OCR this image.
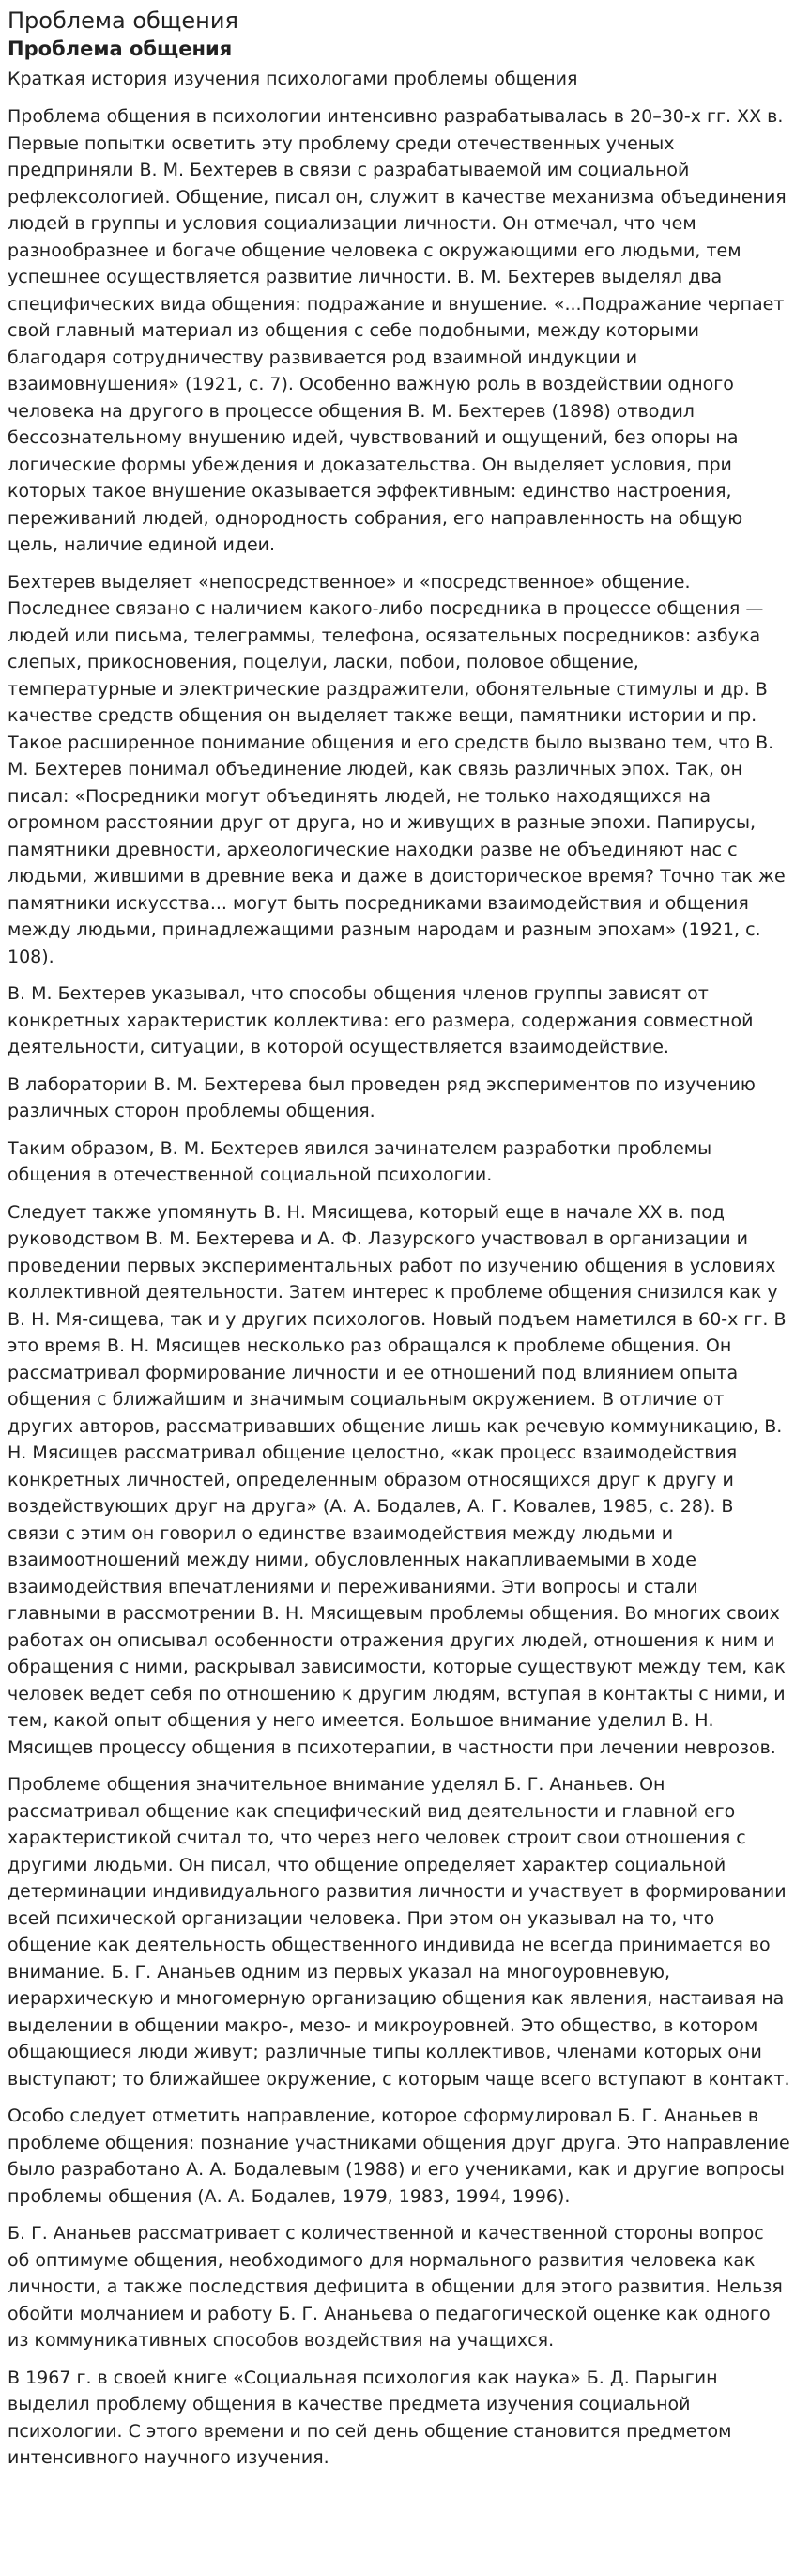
Проблема общения
Проблема общения

Краткая история изучения психологами проблемы общения

Проблема общения в психологии интенсивно разрабатывалась в 20–30-х гг. XX в. Первые попытки осветить эту проблему среди отечественных ученых предприняли В. М. Бехтерев в связи с разрабатываемой им социальной рефлексологией. Общение, писал он, служит в качестве механизма объединения людей в группы и условия социализации личности. Он отмечал, что чем разнообразнее и богаче общение человека с окружающими его людьми, тем успешнее осуществляется развитие личности. В. М. Бехтерев выделял два специфических вида общения: подражание и внушение. «...Подражание черпает свой главный материал из общения с себе подобными, между которыми благодаря сотрудничеству развивается род взаимной индукции и взаимовнушения» (1921, с. 7). Особенно важную роль в воздействии одного человека на другого в процессе общения В. М. Бехтерев (1898) отводил бессознательному внушению идей, чувствований и ощущений, без опоры на логические формы убеждения и доказательства. Он выделяет условия, при которых такое внушение оказывается эффективным: единство настроения, переживаний людей, однородность собрания, его направленность на общую цель, наличие единой идеи.

Бехтерев выделяет «непосредственное» и «посредственное» общение. Последнее связано с наличием какого-либо посредника в процессе общения — людей или письма, телеграммы, телефона, осязательных посредников: азбука слепых, прикосновения, поцелуи, ласки, побои, половое общение, температурные и электрические раздражители, обонятельные стимулы и др. В качестве средств общения он выделяет также вещи, памятники истории и пр. Такое расширенное понимание общения и его средств было вызвано тем, что В. М. Бехтерев понимал объединение людей, как связь различных эпох. Так, он писал: «Посредники могут объединять людей, не только находящихся на огромном расстоянии друг от друга, но и живущих в разные эпохи. Папирусы, памятники древности, археологические находки разве не объединяют нас с людьми, жившими в древние века и даже в доисторическое время? Точно так же памятники искусства... могут быть посредниками взаимодействия и общения между людьми, принадлежащими разным народам и разным эпохам» (1921, с. 108).

В. М. Бехтерев указывал, что способы общения членов группы зависят от конкретных характеристик коллектива: его размера, содержания совместной деятельности, ситуации, в которой осуществляется взаимодействие.

В лаборатории В. М. Бехтерева был проведен ряд экспериментов по изучению различных сторон проблемы общения.

Таким образом, В. М. Бехтерев явился зачинателем разработки проблемы общения в отечественной социальной психологии.

Следует также упомянуть В. Н. Мясищева, который еще в начале XX в. под руководством В. М. Бехтерева и А. Ф. Лазурского участвовал в организации и проведении первых экспериментальных работ по изучению общения в условиях коллективной деятельности. Затем интерес к проблеме общения снизился как у В. Н. Мя-сищева, так и у других психологов. Новый подъем наметился в 60-х гг. В это время В. Н. Мясищев несколько раз обращался к проблеме общения. Он рассматривал формирование личности и ее отношений под влиянием опыта общения с ближайшим и значимым социальным окружением. В отличие от других авторов, рассматривавших общение лишь как речевую коммуникацию, В. Н. Мясищев рассматривал общение целостно, «как процесс взаимодействия конкретных личностей, определенным образом относящихся друг к другу и воздействующих друг на друга» (А. А. Бодалев, А. Г. Ковалев, 1985, с. 28). В связи с этим он говорил о единстве взаимодействия между людьми и взаимоотношений между ними, обусловленных накапливаемыми в ходе взаимодействия впечатлениями и переживаниями. Эти вопросы и стали главными в рассмотрении В. Н. Мясищевым проблемы общения. Во многих своих работах он описывал особенности отражения других людей, отношения к ним и обращения с ними, раскрывал зависимости, которые существуют между тем, как человек ведет себя по отношению к другим людям, вступая в контакты с ними, и тем, какой опыт общения у него имеется. Большое внимание уделил В. Н. Мясищев процессу общения в психотерапии, в частности при лечении неврозов.

Проблеме общения значительное внимание уделял Б. Г. Ананьев. Он рассматривал общение как специфический вид деятельности и главной его характеристикой считал то, что через него человек строит свои отношения с другими людьми. Он писал, что общение определяет характер социальной детерминации индивидуального развития личности и участвует в формировании всей психической организации человека. При этом он указывал на то, что общение как деятельность общественного индивида не всегда принимается во внимание. Б. Г. Ананьев одним из первых указал на многоуровневую, иерархическую и многомерную организацию общения как явления, настаивая на выделении в общении макро-, мезо- и микроуровней. Это общество, в котором общающиеся люди живут; различные типы коллективов, членами которых они выступают; то ближайшее окружение, с которым чаще всего вступают в контакт.

Особо следует отметить направление, которое сформулировал Б. Г. Ананьев в проблеме общения: познание участниками общения друг друга. Это направление было разработано А. А. Бодалевым (1988) и его учениками, как и другие вопросы проблемы общения (А. А. Бодалев, 1979, 1983, 1994, 1996).

Б. Г. Ананьев рассматривает с количественной и качественной стороны вопрос об оптимуме общения, необходимого для нормального развития человека как личности, а также последствия дефицита в общении для этого развития. Нельзя обойти молчанием и работу Б. Г. Ананьева о педагогической оценке как одного из коммуникативных способов воздействия на учащихся.

В 1967 г. в своей книге «Социальная психология как наука» Б. Д. Парыгин выделил проблему общения в качестве предмета изучения социальной психологии. С этого времени и по сей день общение становится предметом интенсивного научного изучения.
